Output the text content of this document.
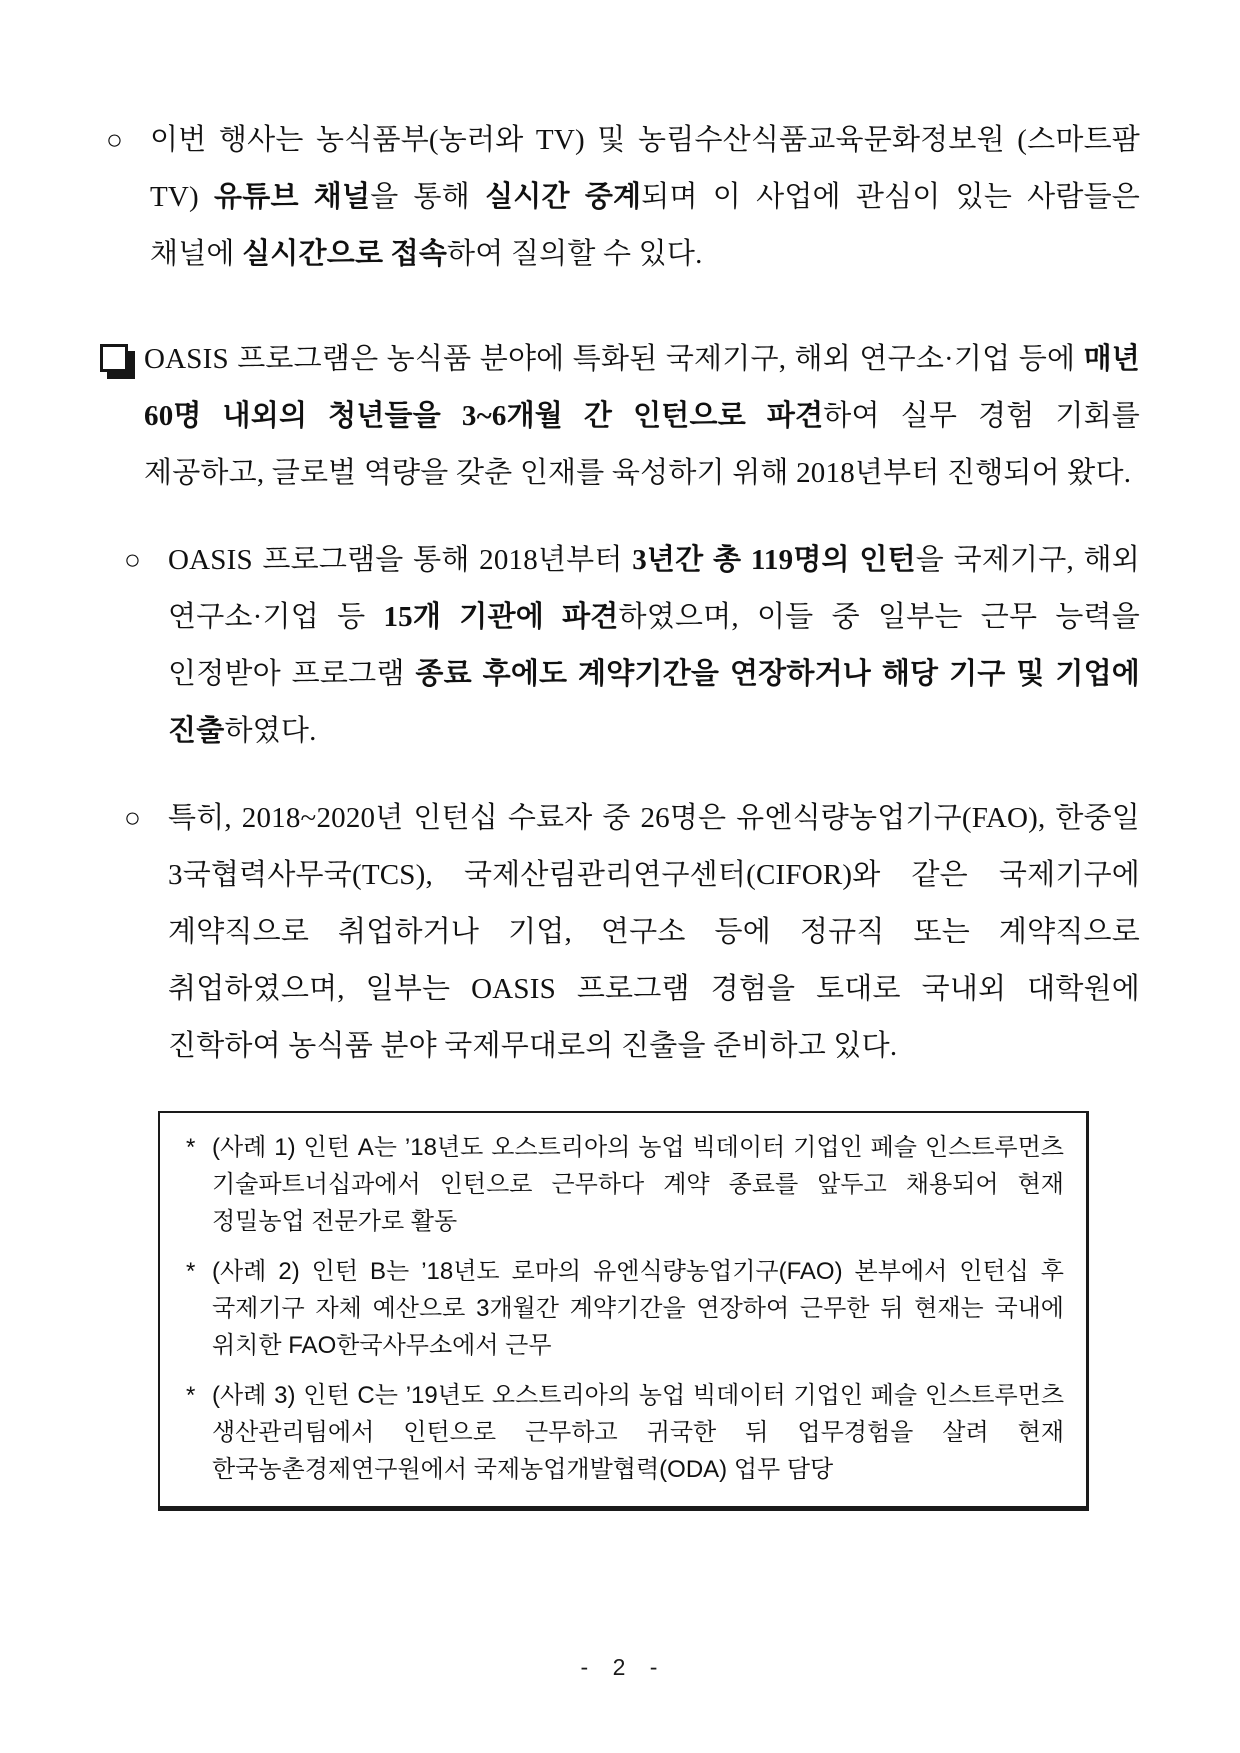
○ 이번 행사는 농식품부(농러와 TV) 및 농림수산식품교육문화정보원 (스마트팜 TV) 유튜브 채널을 통해 실시간 중계되며 이 사업에 관심이 있는 사람들은 채널에 실시간으로 접속하여 질의할 수 있다.
OASIS 프로그램은 농식품 분야에 특화된 국제기구, 해외 연구소·기업 등에 매년 60명 내외의 청년들을 3~6개월 간 인턴으로 파견하여 실무 경험 기회를 제공하고, 글로벌 역량을 갖춘 인재를 육성하기 위해 2018년부터 진행되어 왔다.
○ OASIS 프로그램을 통해 2018년부터 3년간 총 119명의 인턴을 국제기구, 해외 연구소·기업 등 15개 기관에 파견하였으며, 이들 중 일부는 근무 능력을 인정받아 프로그램 종료 후에도 계약기간을 연장하거나 해당 기구 및 기업에 진출하였다.
○ 특히, 2018~2020년 인턴십 수료자 중 26명은 유엔식량농업기구(FAO), 한중일 3국협력사무국(TCS), 국제산림관리연구센터(CIFOR)와 같은 국제기구에 계약직으로 취업하거나 기업, 연구소 등에 정규직 또는 계약직으로 취업하였으며, 일부는 OASIS 프로그램 경험을 토대로 국내외 대학원에 진학하여 농식품 분야 국제무대로의 진출을 준비하고 있다.
* (사례 1) 인턴 A는 ’18년도 오스트리아의 농업 빅데이터 기업인 페슬 인스트루먼츠 기술파트너십과에서 인턴으로 근무하다 계약 종료를 앞두고 채용되어 현재 정밀농업 전문가로 활동
* (사례 2) 인턴 B는 ’18년도 로마의 유엔식량농업기구(FAO) 본부에서 인턴십 후 국제기구 자체 예산으로 3개월간 계약기간을 연장하여 근무한 뒤 현재는 국내에 위치한 FAO한국사무소에서 근무
* (사례 3) 인턴 C는 ’19년도 오스트리아의 농업 빅데이터 기업인 페슬 인스트루먼츠 생산관리팀에서 인턴으로 근무하고 귀국한 뒤 업무경험을 살려 현재 한국농촌경제연구원에서 국제농업개발협력(ODA) 업무 담당
- 2 -
